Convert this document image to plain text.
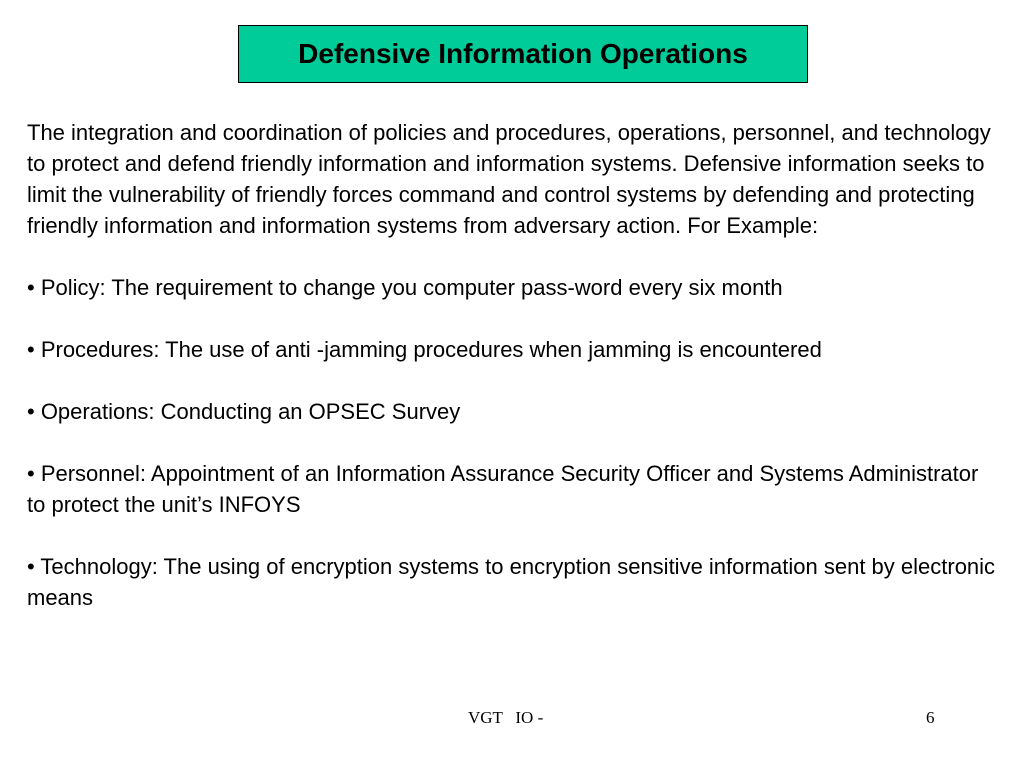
Defensive Information Operations

The integration and coordination of policies and procedures, operations, personnel, and technology to protect and defend friendly information and information systems. Defensive information seeks to limit the vulnerability of friendly forces command and control systems by defending and protecting friendly information and information systems from adversary action. For Example:

• Policy: The requirement to change you computer pass-word every six month

• Procedures: The use of anti -jamming procedures when jamming is encountered

• Operations: Conducting an OPSEC Survey

• Personnel: Appointment of an Information Assurance Security Officer and Systems Administrator to protect the unit’s INFOYS

• Technology: The using of encryption systems to encryption sensitive information sent by electronic means

VGT   IO -	6
